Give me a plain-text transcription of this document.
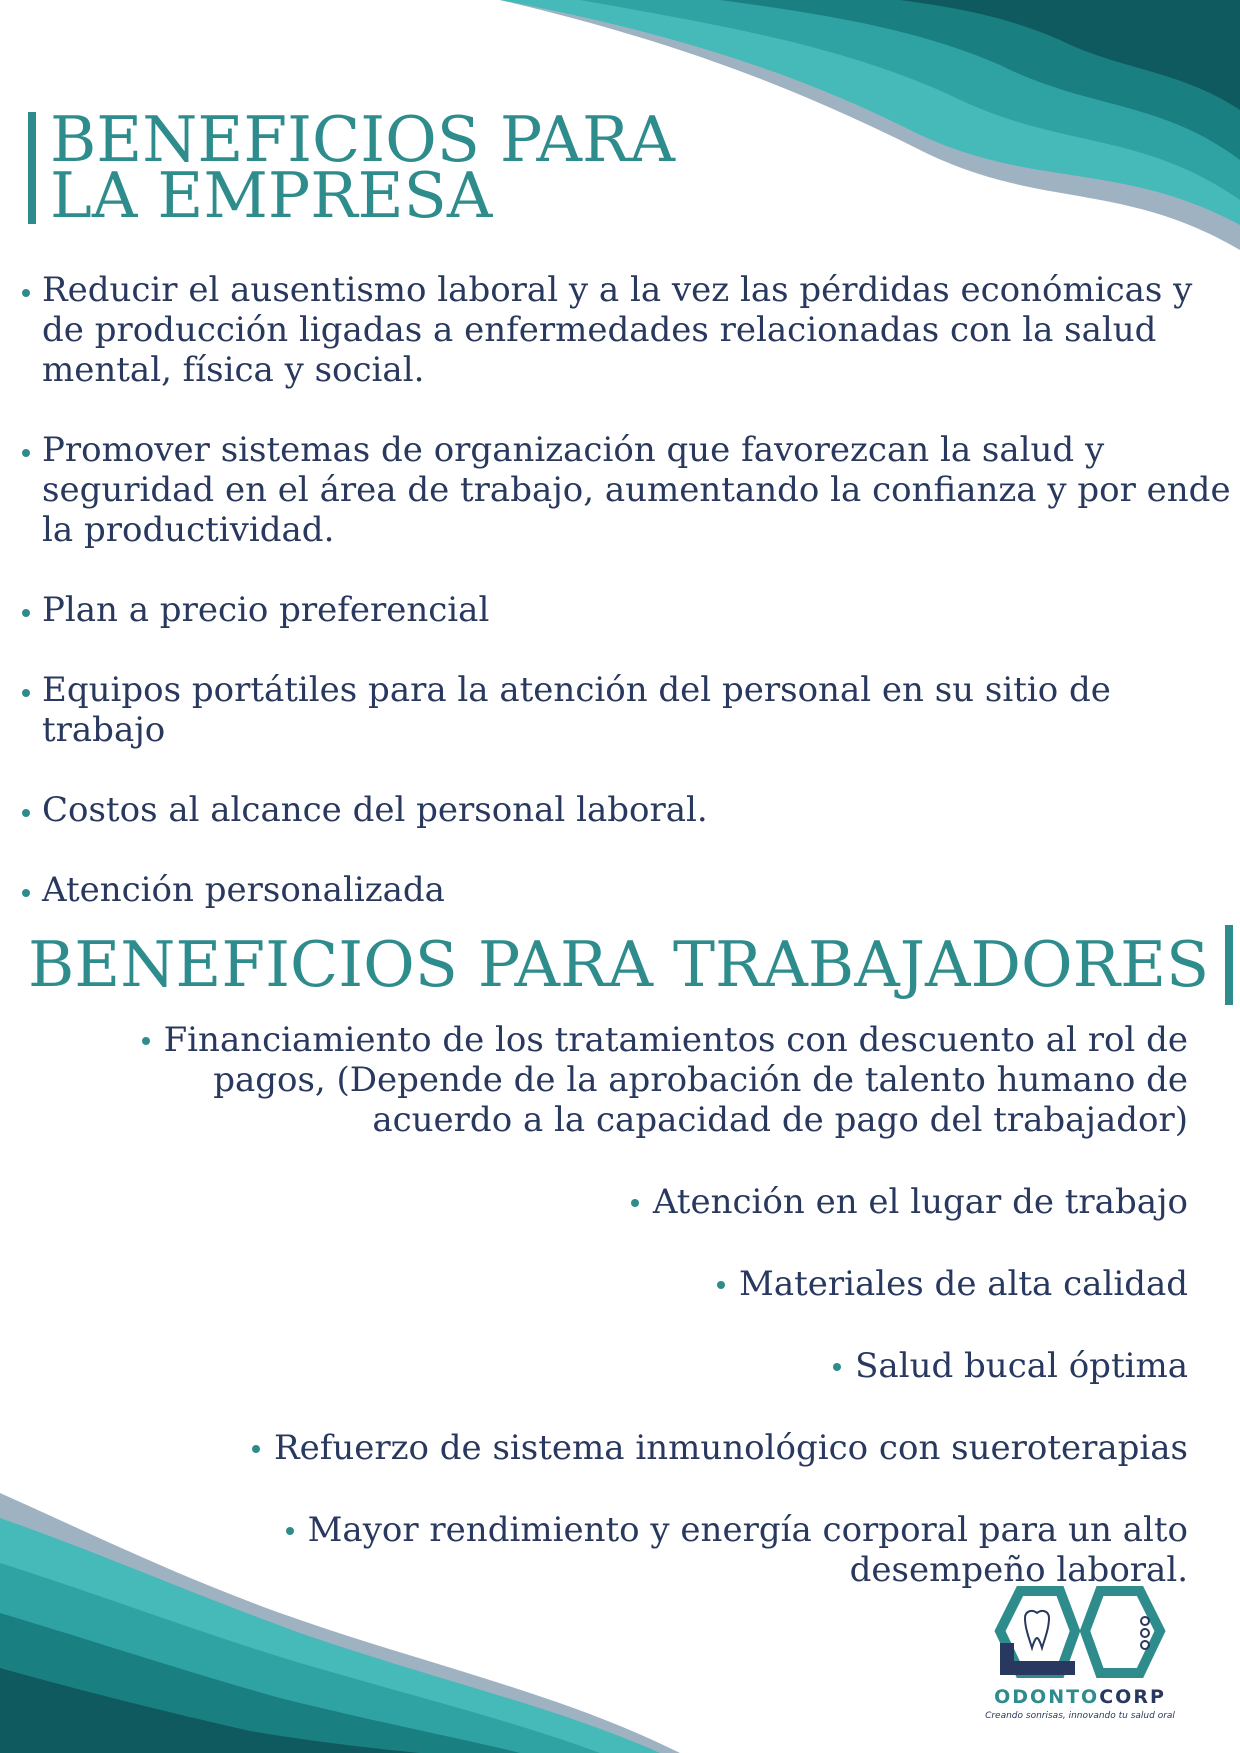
BENEFICIOS PARA
LA EMPRESA
Reducir el ausentismo laboral y a la vez las pérdidas económicas y de producción ligadas a enfermedades relacionadas con la salud mental, física y social.
Promover sistemas de organización que favorezcan la salud y seguridad en el área de trabajo, aumentando la confianza y por ende la productividad.
Plan a precio preferencial
Equipos portátiles para la atención del personal en su sitio de trabajo
Costos al alcance del personal laboral.
Atención personalizada
BENEFICIOS PARA TRABAJADORES
Financiamiento de los tratamientos con descuento al rol de pagos, (Depende de la aprobación de talento humano de acuerdo a la capacidad de pago del trabajador)
Atención en el lugar de trabajo
Materiales de alta calidad
Salud bucal óptima
Refuerzo de sistema inmunológico con sueroterapias
Mayor rendimiento y energía corporal para un alto desempeño laboral.
ODONTOCORP
Creando sonrisas, innovando tu salud oral
